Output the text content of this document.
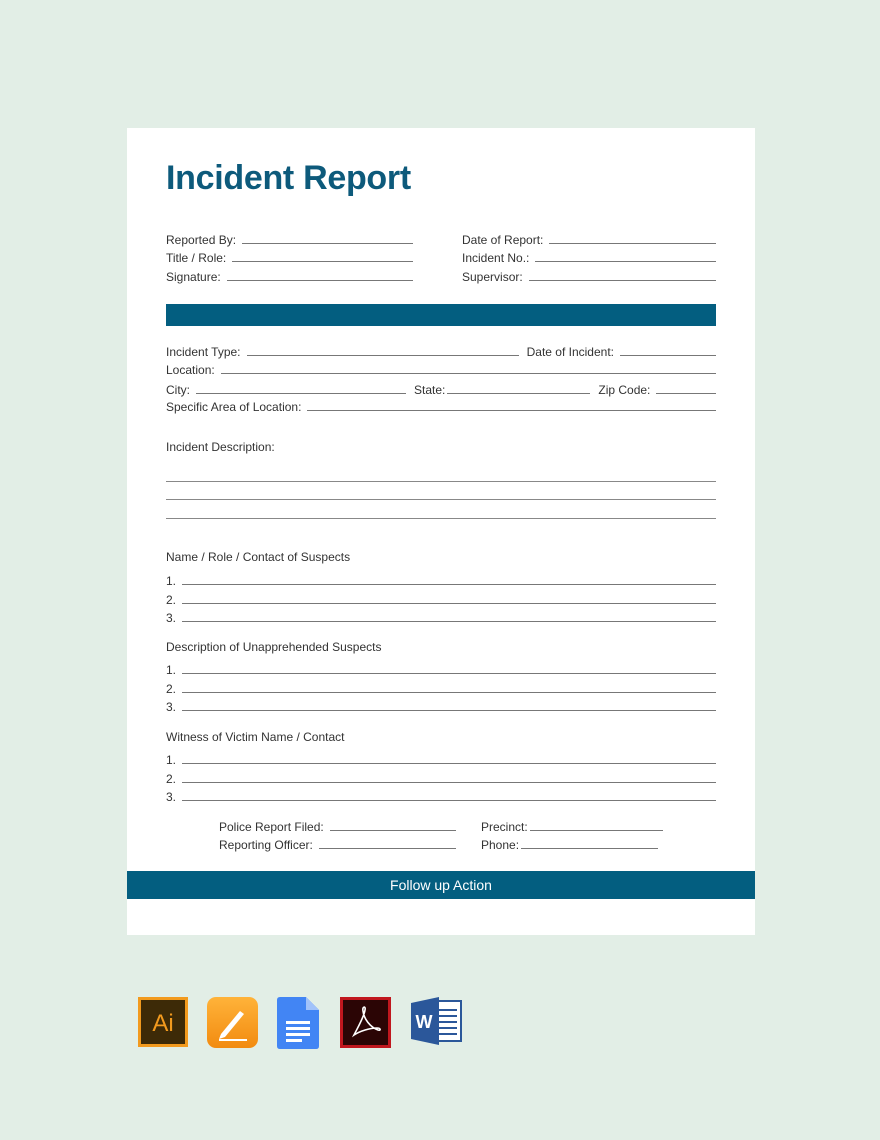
Incident Report
Reported By:	Date of Report:
Title / Role:	Incident No.:
Signature:	Supervisor:
Incident Type:	Date of Incident:
Location:
City:	State:	Zip Code:
Specific Area of Location:
Incident Description:
Name / Role / Contact of Suspects
1.
2.
3.
Description of Unapprehended Suspects
1.
2.
3.
Witness of Victim Name / Contact
1.
2.
3.
Police Report Filed:	Precinct:
Reporting Officer:	Phone:
Follow up Action
Ai	W
